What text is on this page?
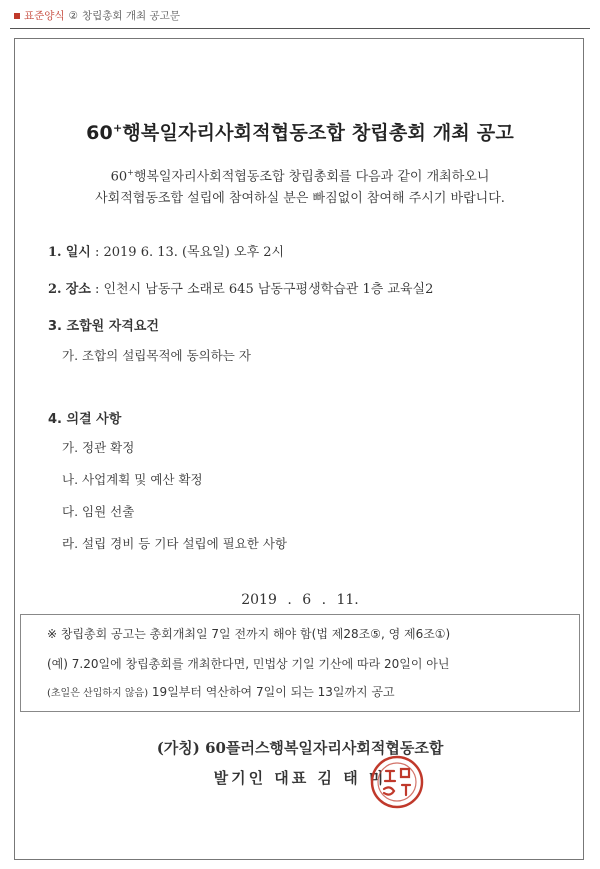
표준양식 ② 창립총회 개최 공고문
60+행복일자리사회적협동조합 창립총회 개최 공고
60+행복일자리사회적협동조합 창립총회를 다음과 같이 개최하오니
사회적협동조합 설립에 참여하실 분은 빠짐없이 참여해 주시기 바랍니다.
1. 일시 : 2019 6. 13. (목요일) 오후 2시
2. 장소 : 인천시 남동구 소래로 645 남동구평생학습관 1층 교육실2
3. 조합원 자격요건
가. 조합의 설립목적에 동의하는 자
4. 의결 사항
가. 정관 확정
나. 사업계획 및 예산 확정
다. 임원 선출
라. 설립 경비 등 기타 설립에 필요한 사항
2019 . 6 . 11.
※ 창립총회 공고는 총회개최일 7일 전까지 해야 함(법 제28조⑤, 영 제6조①)
(예) 7.20일에 창립총회를 개최한다면, 민법상 기일 기산에 따라 20일이 아닌
(초일은 산입하지 않음) 19일부터 역산하여 7일이 되는 13일까지 공고
(가칭) 60플러스행복일자리사회적협동조합
발기인 대표 김 태 미
